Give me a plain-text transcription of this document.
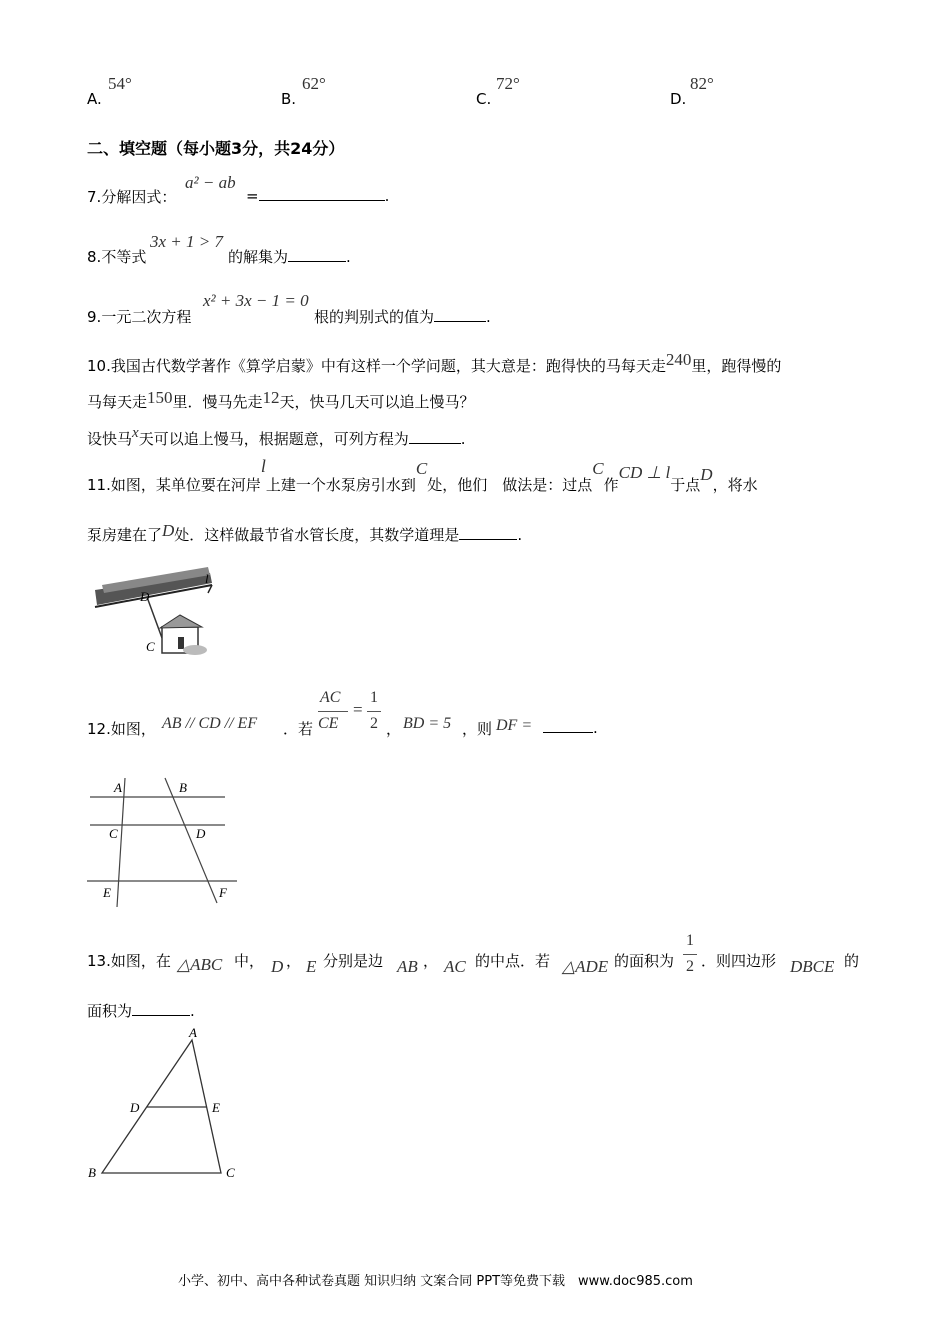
A.
54°
B.
62°
C.
72°
D.
82°
二、填空题（每小题3分，共24分）
7.分解因式：
a² − ab
=	.
8.不等式
3x + 1 > 7
的解集为	.
9.一元二次方程
x² + 3x − 1 = 0
根的判别式的值为	.
10.我国古代数学著作《算学启蒙》中有这样一个学问题，其大意是：跑得快的马每天走240里，跑得慢的
马每天走150里．慢马先走12天，快马几天可以追上慢马？
设快马x天可以追上慢马，根据题意，可列方程为	.
11.如图，某单位要在河岸l上建一个水泵房引水到C处，他们　做法是：过点C作CD ⊥ l于点D，将水
泵房建在了D处．这样做最节省水管长度，其数学道理是	.
D
C
l
12.如图， AB // CD // EF ．若
AC
CE
=
1
2 ， BD = 5 ，则 DF =	.
A	B
C	D
E	F
13.如图，在 △ABC 中， D ， E 分别是边 AB ， AC 的中点．若 △ADE 的面积为
1
2 ．则四边形 DBCE 的
面积为	.
A
D	E
B	C
小学、初中、高中各种试卷真题 知识归纳 文案合同 PPT等免费下载　www.doc985.com
